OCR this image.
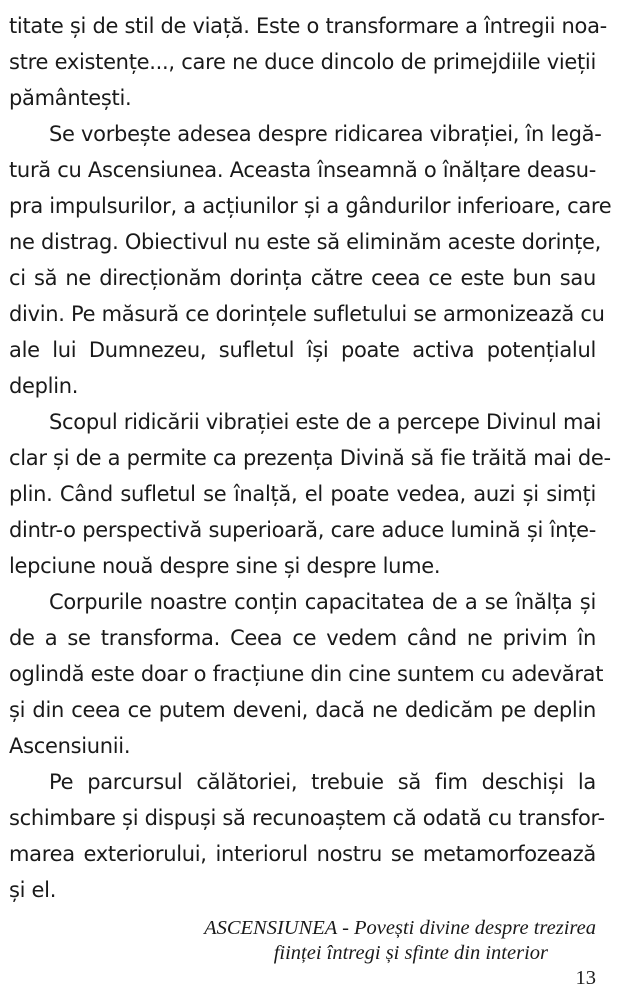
titate și de stil de viață. Este o transformare a întregii noa-
stre existențe..., care ne duce dincolo de primejdiile vieții
pământești.
Se vorbește adesea despre ridicarea vibrației, în legă-
tură cu Ascensiunea. Aceasta înseamnă o înălțare deasu-
pra impulsurilor, a acțiunilor și a gândurilor inferioare, care
ne distrag. Obiectivul nu este să eliminăm aceste dorințe,
ci să ne direcționăm dorința către ceea ce este bun sau
divin. Pe măsură ce dorințele sufletului se armonizează cu
ale lui Dumnezeu, sufletul își poate activa potențialul
deplin.
Scopul ridicării vibrației este de a percepe Divinul mai
clar și de a permite ca prezența Divină să fie trăită mai de-
plin. Când sufletul se înalță, el poate vedea, auzi și simți
dintr-o perspectivă superioară, care aduce lumină și înțe-
lepciune nouă despre sine și despre lume.
Corpurile noastre conțin capacitatea de a se înălța și
de a se transforma. Ceea ce vedem când ne privim în
oglindă este doar o fracțiune din cine suntem cu adevărat
și din ceea ce putem deveni, dacă ne dedicăm pe deplin
Ascensiunii.
Pe parcursul călătoriei, trebuie să fim deschiși la
schimbare și dispuși să recunoaștem că odată cu transfor-
marea exteriorului, interiorul nostru se metamorfozează
și el.
ASCENSIUNEA - Povești divine despre trezirea
ființei întregi și sfinte din interior
13
